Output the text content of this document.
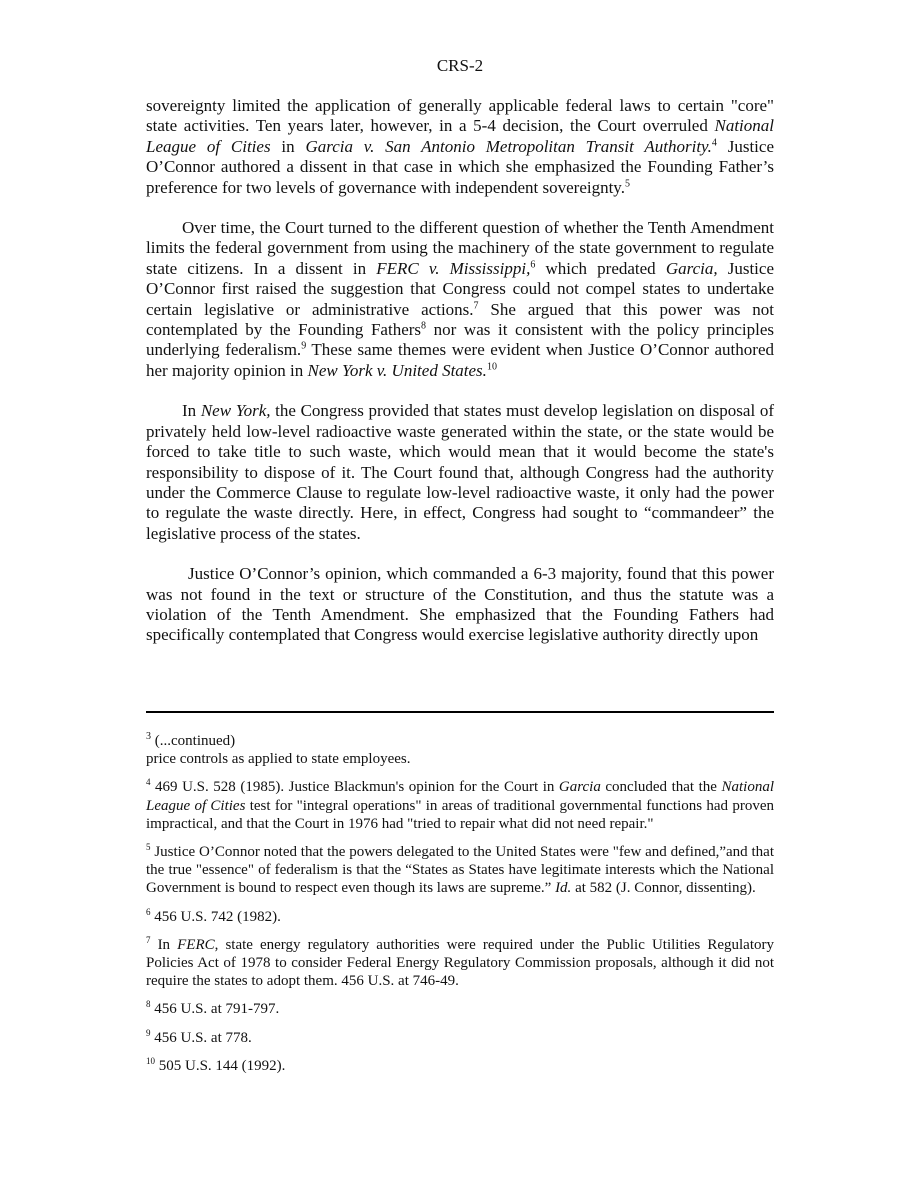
CRS-2

sovereignty limited the application of generally applicable federal laws to certain "core" state activities. Ten years later, however, in a 5-4 decision, the Court overruled National League of Cities in Garcia v. San Antonio Metropolitan Transit Authority.$^4$ Justice O’Connor authored a dissent in that case in which she emphasized the Founding Father’s preference for two levels of governance with independent sovereignty.$^5$

Over time, the Court turned to the different question of whether the Tenth Amendment limits the federal government from using the machinery of the state government to regulate state citizens. In a dissent in FERC v. Mississippi,$^6$ which predated Garcia, Justice O’Connor first raised the suggestion that Congress could not compel states to undertake certain legislative or administrative actions.$^7$ She argued that this power was not contemplated by the Founding Fathers$^8$ nor was it consistent with the policy principles underlying federalism.$^9$ These same themes were evident when Justice O’Connor authored her majority opinion in New York v. United States.$^{10}$

In New York, the Congress provided that states must develop legislation on disposal of privately held low-level radioactive waste generated within the state, or the state would be forced to take title to such waste, which would mean that it would become the state's responsibility to dispose of it. The Court found that, although Congress had the authority under the Commerce Clause to regulate low-level radioactive waste, it only had the power to regulate the waste directly. Here, in effect, Congress had sought to “commandeer” the legislative process of the states.

Justice O’Connor’s opinion, which commanded a 6-3 majority, found that this power was not found in the text or structure of the Constitution, and thus the statute was a violation of the Tenth Amendment. She emphasized that the Founding Fathers had specifically contemplated that Congress would exercise legislative authority directly upon

$^3$ (...continued)

price controls as applied to state employees.

$^4$ 469 U.S. 528 (1985). Justice Blackmun's opinion for the Court in Garcia concluded that the National League of Cities test for "integral operations" in areas of traditional governmental functions had proven impractical, and that the Court in 1976 had "tried to repair what did not need repair."

$^5$ Justice O’Connor noted that the powers delegated to the United States were "few and defined,”and that the true "essence" of federalism is that the “States as States have legitimate interests which the National Government is bound to respect even though its laws are supreme.” Id. at 582 (J. Connor, dissenting).

$^6$ 456 U.S. 742 (1982).

$^7$ In FERC, state energy regulatory authorities were required under the Public Utilities Regulatory Policies Act of 1978 to consider Federal Energy Regulatory Commission proposals, although it did not require the states to adopt them. 456 U.S. at 746-49.

$^8$ 456 U.S. at 791-797.

$^9$ 456 U.S. at 778.

$^{10}$ 505 U.S. 144 (1992).
